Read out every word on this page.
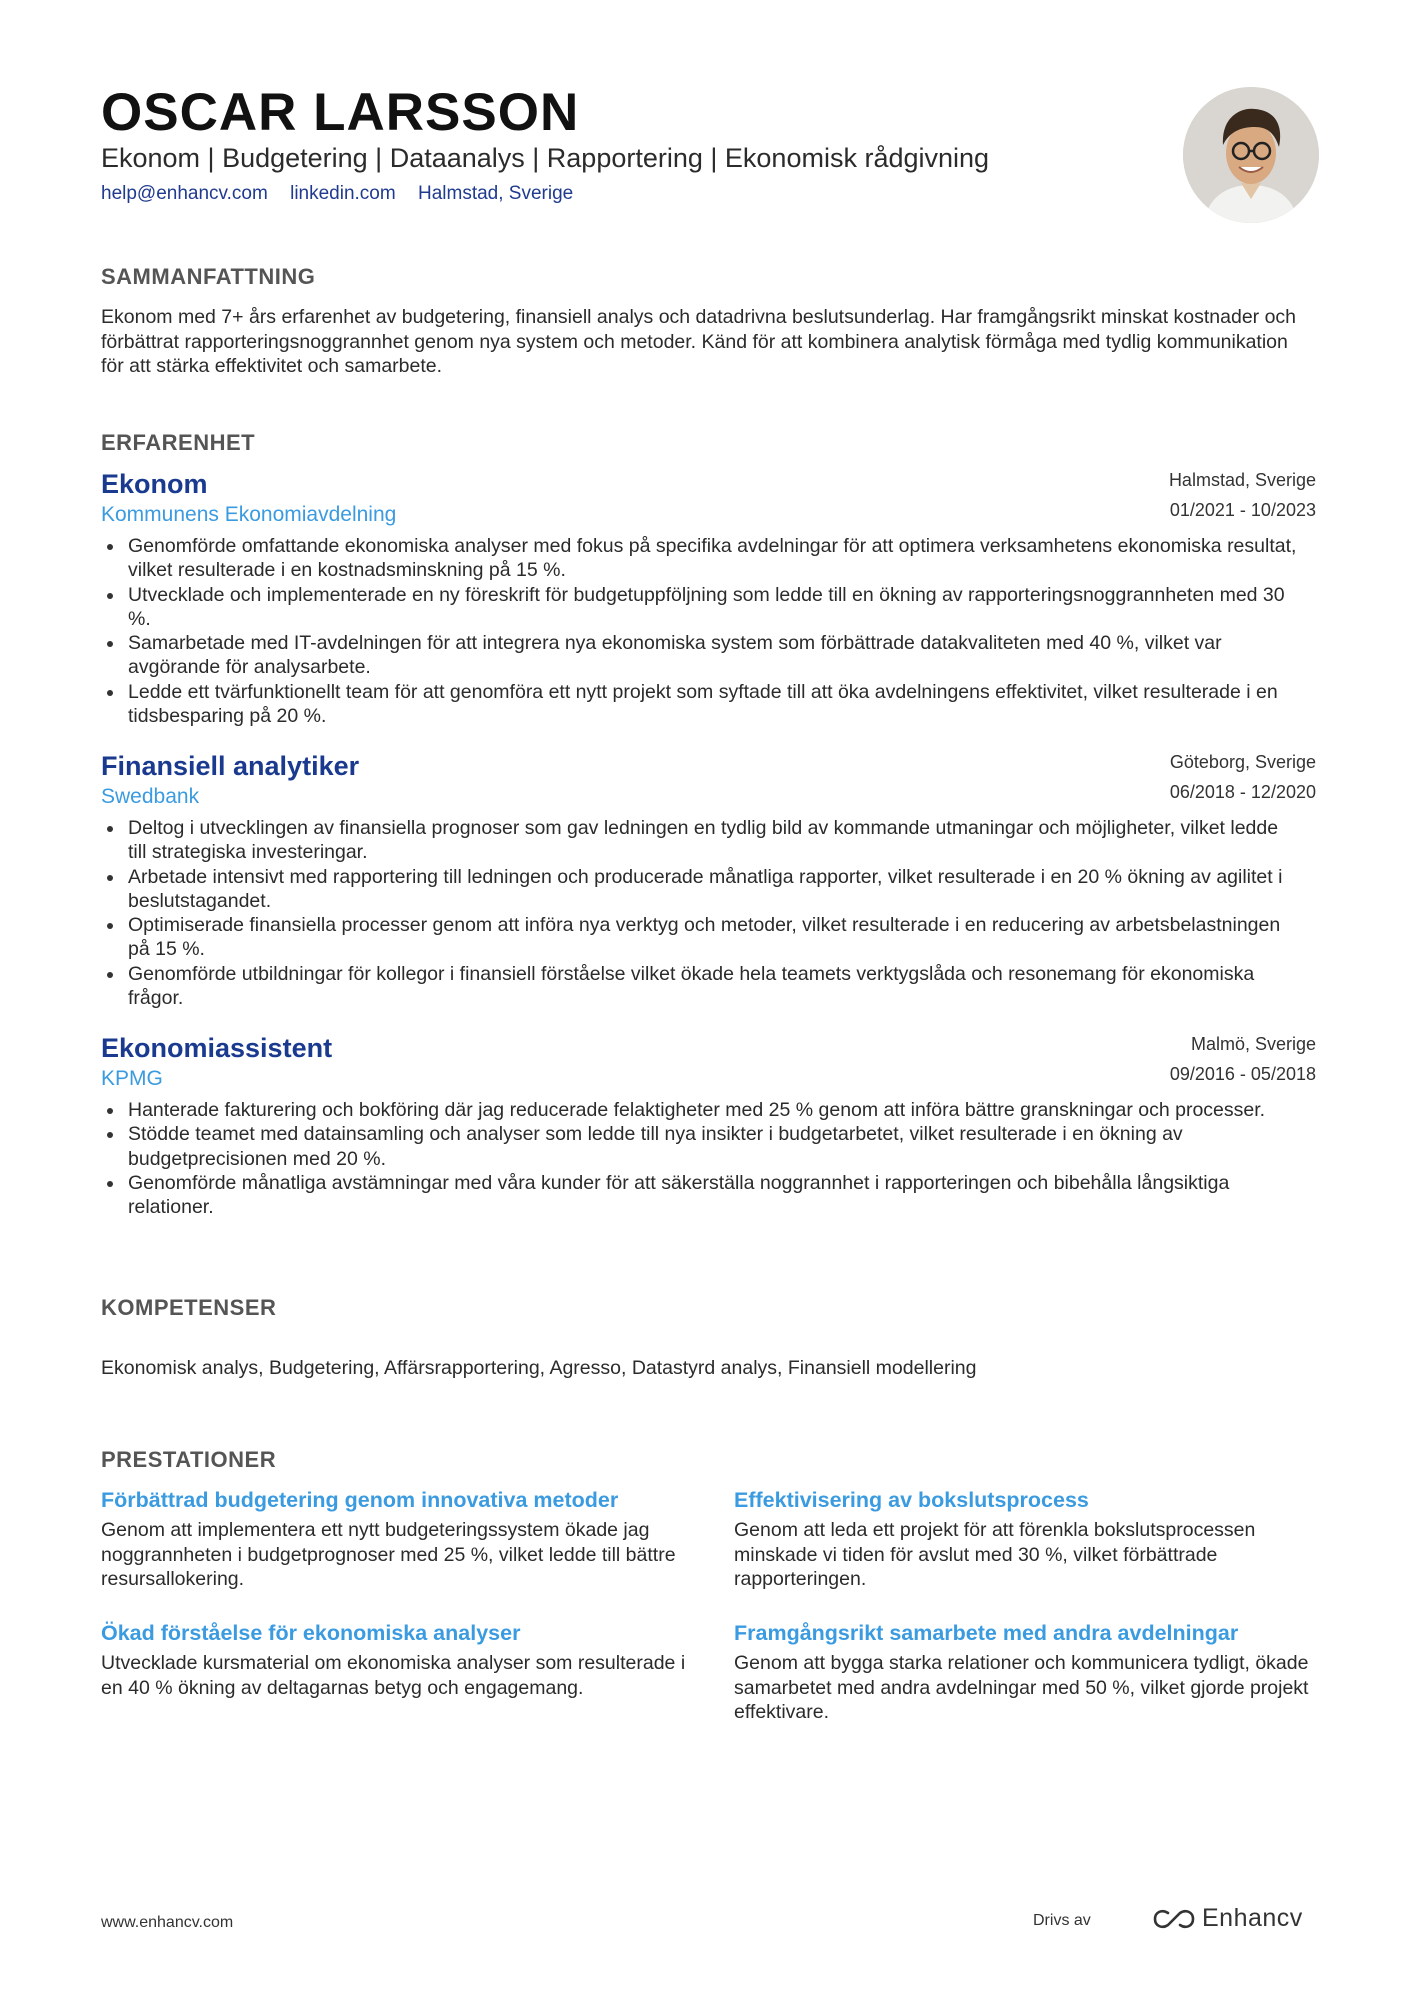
OSCAR LARSSON
Ekonom | Budgetering | Dataanalys | Rapportering | Ekonomisk rådgivning
help@enhancv.com linkedin.com Halmstad, Sverige
SAMMANFATTNING

Ekonom med 7+ års erfarenhet av budgetering, finansiell analys och datadrivna beslutsunderlag. Har framgångsrikt minskat kostnader och förbättrat rapporteringsnoggrannhet genom nya system och metoder. Känd för att kombinera analytisk förmåga med tydlig kommunikation för att stärka effektivitet och samarbete.

ERFARENHET
Ekonom
Kommunens Ekonomiavdelning
Halmstad, Sverige
01/2021 - 10/2023
Genomförde omfattande ekonomiska analyser med fokus på specifika avdelningar för att optimera verksamhetens ekonomiska resultat, vilket resulterade i en kostnadsminskning på 15 %.
Utvecklade och implementerade en ny föreskrift för budgetuppföljning som ledde till en ökning av rapporteringsnoggrannheten med 30 %.
Samarbetade med IT-avdelningen för att integrera nya ekonomiska system som förbättrade datakvaliteten med 40 %, vilket var avgörande för analysarbete.
Ledde ett tvärfunktionellt team för att genomföra ett nytt projekt som syftade till att öka avdelningens effektivitet, vilket resulterade i en tidsbesparing på 20 %.
Finansiell analytiker
Swedbank
Göteborg, Sverige
06/2018 - 12/2020
Deltog i utvecklingen av finansiella prognoser som gav ledningen en tydlig bild av kommande utmaningar och möjligheter, vilket ledde till strategiska investeringar.
Arbetade intensivt med rapportering till ledningen och producerade månatliga rapporter, vilket resulterade i en 20 % ökning av agilitet i beslutstagandet.
Optimiserade finansiella processer genom att införa nya verktyg och metoder, vilket resulterade i en reducering av arbetsbelastningen på 15 %.
Genomförde utbildningar för kollegor i finansiell förståelse vilket ökade hela teamets verktygslåda och resonemang för ekonomiska frågor.
Ekonomiassistent
KPMG
Malmö, Sverige
09/2016 - 05/2018
Hanterade fakturering och bokföring där jag reducerade felaktigheter med 25 % genom att införa bättre granskningar och processer.
Stödde teamet med datainsamling och analyser som ledde till nya insikter i budgetarbetet, vilket resulterade i en ökning av budgetprecisionen med 20 %.
Genomförde månatliga avstämningar med våra kunder för att säkerställa noggrannhet i rapporteringen och bibehålla långsiktiga relationer.
KOMPETENSER
Ekonomisk analys, Budgetering, Affärsrapportering, Agresso, Datastyrd analys, Finansiell modellering
PRESTATIONER
Förbättrad budgetering genom innovativa metoder
Genom att implementera ett nytt budgeteringssystem ökade jag noggrannheten i budgetprognoser med 25 %, vilket ledde till bättre resursallokering.
Effektivisering av bokslutsprocess
Genom att leda ett projekt för att förenkla bokslutsprocessen minskade vi tiden för avslut med 30 %, vilket förbättrade rapporteringen.
Ökad förståelse för ekonomiska analyser
Utvecklade kursmaterial om ekonomiska analyser som resulterade i en 40 % ökning av deltagarnas betyg och engagemang.
Framgångsrikt samarbete med andra avdelningar
Genom att bygga starka relationer och kommunicera tydligt, ökade samarbetet med andra avdelningar med 50 %, vilket gjorde projekt effektivare.
www.enhancv.com	Drivs av	Enhancv
